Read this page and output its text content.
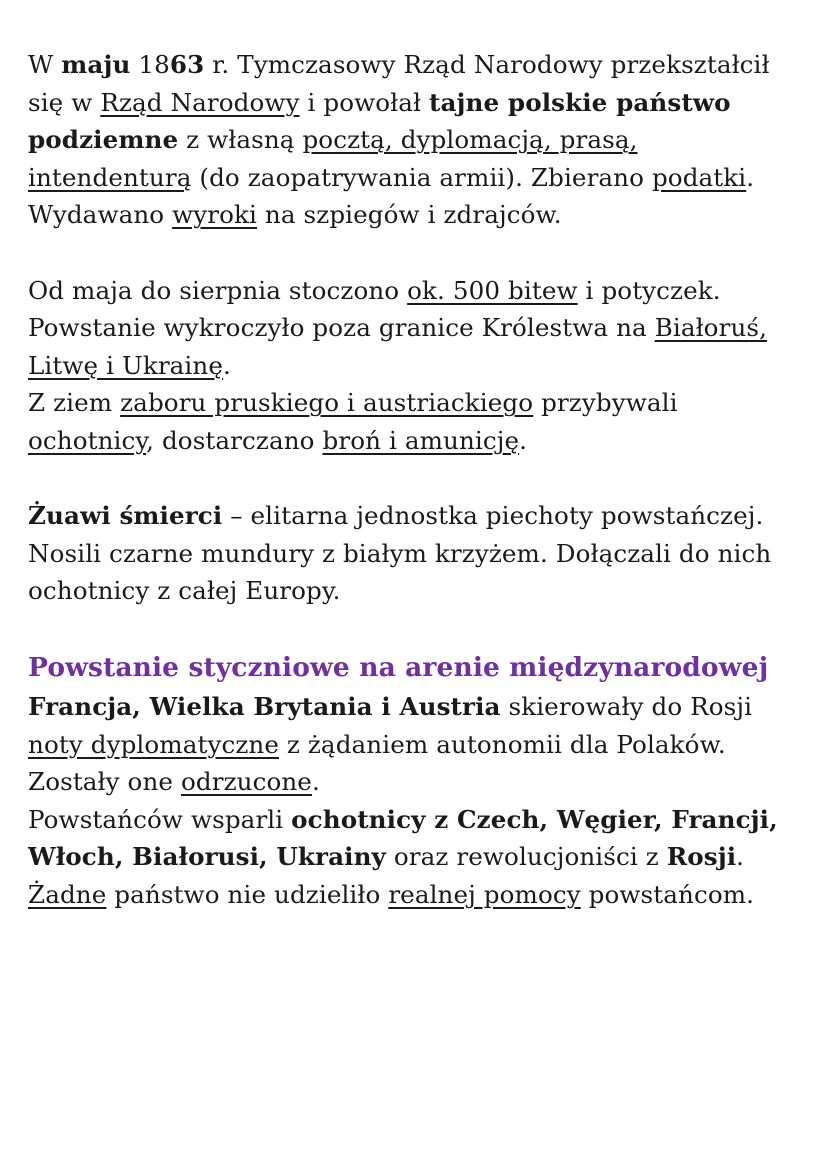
W maju 1863 r. Tymczasowy Rząd Narodowy przekształcił się w Rząd Narodowy i powołał tajne polskie państwo podziemne z własną pocztą, dyplomacją, prasą, intendenturą (do zaopatrywania armii). Zbierano podatki. Wydawano wyroki na szpiegów i zdrajców.

Od maja do sierpnia stoczono ok. 500 bitew i potyczek. Powstanie wykroczyło poza granice Królestwa na Białoruś, Litwę i Ukrainę.
Z ziem zaboru pruskiego i austriackiego przybywali ochotnicy, dostarczano broń i amunicję.

Żuawi śmierci – elitarna jednostka piechoty powstańczej. Nosili czarne mundury z białym krzyżem. Dołączali do nich ochotnicy z całej Europy.

Powstanie styczniowe na arenie międzynarodowej

Francja, Wielka Brytania i Austria skierowały do Rosji noty dyplomatyczne z żądaniem autonomii dla Polaków.
Zostały one odrzucone.
Powstańców wsparli ochotnicy z Czech, Węgier, Francji, Włoch, Białorusi, Ukrainy oraz rewolucjoniści z Rosji.
Żadne państwo nie udzieliło realnej pomocy powstańcom.
